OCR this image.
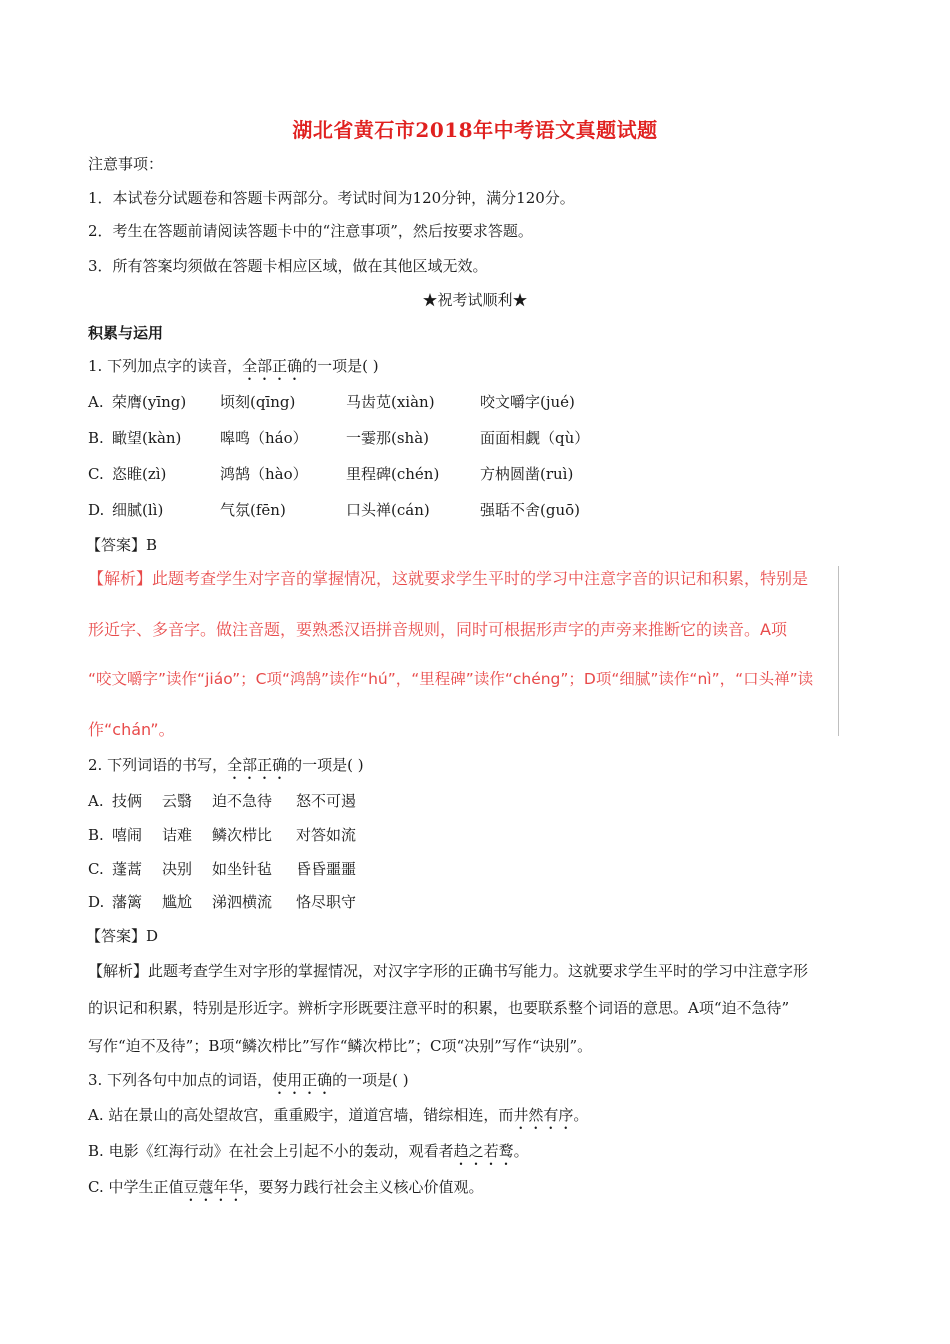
湖北省黄石市2018年中考语文真题试题
注意事项：
1．本试卷分试题卷和答题卡两部分。考试时间为120分钟，满分120分。
2．考生在答题前请阅读答题卡中的“注意事项”，然后按要求答题。
3．所有答案均须做在答题卡相应区域，做在其他区域无效。
★祝考试顺利★
积累与运用
1. 下列加点字的读音，全部正确的一项是( )
A. 荣膺(yīng) 顷刻(qīng)	马齿苋(xiàn)	咬文嚼字(jué)
B. 瞰望(kàn)	嗥鸣（háo）	一霎那(shà)	面面相觑（qù）
C. 恣睢(zì)	鸿鹄（hào）	里程碑(chén)	方枘圆凿(ruì)
D. 细腻(lì)	气氛(fēn)	口头禅(cán)	强聒不舍(guō)
【答案】B
【解析】此题考查学生对字音的掌握情况，这就要求学生平时的学习中注意字音的识记和积累，特别是
形近字、多音字。做注音题，要熟悉汉语拼音规则，同时可根据形声字的声旁来推断它的读音。A项
“咬文嚼字”读作“jiáo”；C项“鸿鹄”读作“hú”，“里程碑”读作“chéng”；D项“细腻”读作“nì”，“口头禅”读
作“chán”。
2. 下列词语的书写，全部正确的一项是( )
A. 技俩 云翳 迫不急待 怒不可遏
B. 嘻闹 诘难 鳞次栉比 对答如流
C. 蓬蒿 决别 如坐针毡 昏昏噩噩
D. 藩篱 尴尬 涕泗横流 恪尽职守
【答案】D
【解析】此题考查学生对字形的掌握情况，对汉字字形的正确书写能力。这就要求学生平时的学习中注意字形
的识记和积累，特别是形近字。辨析字形既要注意平时的积累，也要联系整个词语的意思。A项“迫不急待”
写作“迫不及待”；B项“鳞次栉比”写作“鳞次栉比”；C项“决别”写作“诀别”。
3. 下列各句中加点的词语，使用正确的一项是( )
A. 站在景山的高处望故宫，重重殿宇，道道宫墙，错综相连，而井然有序。
B. 电影《红海行动》在社会上引起不小的轰动，观看者趋之若鹜。
C. 中学生正值豆蔻年华，要努力践行社会主义核心价值观。
